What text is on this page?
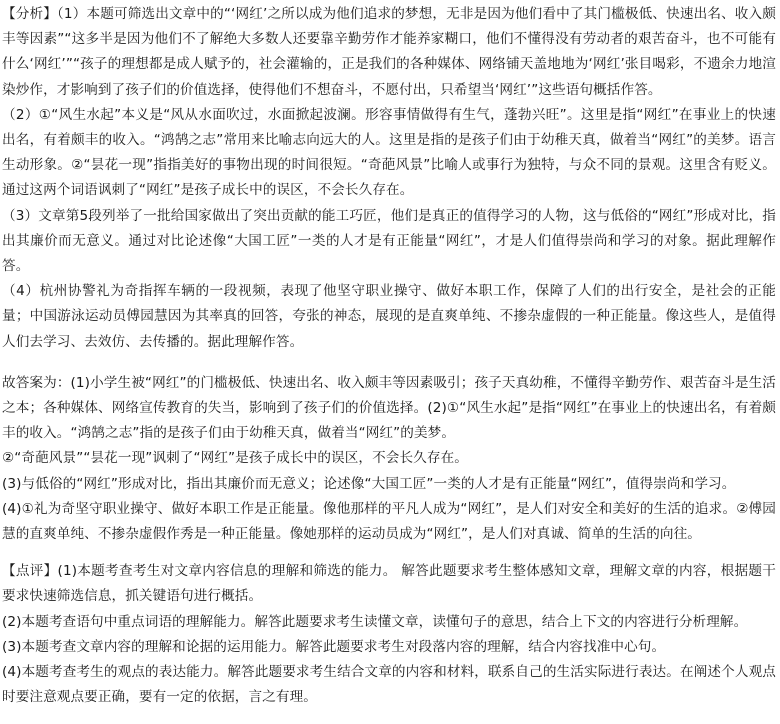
【分析】（1）本题可筛选出文章中的“‘网红’之所以成为他们追求的梦想，无非是因为他们看中了其门槛极低、快速出名、收入颇丰等因素”“这多半是因为他们不了解绝大多数人还要靠辛勤劳作才能养家糊口，他们不懂得没有劳动者的艰苦奋斗，也不可能有什么‘网红’”“孩子的理想都是成人赋予的，社会灌输的，正是我们的各种媒体、网络铺天盖地地为‘网红’张目喝彩，不遗余力地渲染炒作，才影响到了孩子们的价值选择，使得他们不想奋斗，不愿付出，只希望当‘网红’”这些语句概括作答。

（2）①“风生水起”本义是“风从水面吹过，水面掀起波澜。形容事情做得有生气，蓬勃兴旺”。这里是指“网红”在事业上的快速出名，有着颇丰的收入。“鸿鹄之志”常用来比喻志向远大的人。这里是指的是孩子们由于幼稚天真，做着当“网红”的美梦。语言生动形象。②“昙花一现”指指美好的事物出现的时间很短。“奇葩风景”比喻人或事行为独特，与众不同的景观。这里含有贬义。通过这两个词语讽刺了“网红”是孩子成长中的误区，不会长久存在。

（3）文章第5段列举了一批给国家做出了突出贡献的能工巧匠，他们是真正的值得学习的人物，这与低俗的“网红”形成对比，指出其廉价而无意义。通过对比论述像“大国工匠”一类的人才是有正能量“网红”，才是人们值得崇尚和学习的对象。据此理解作答。

（4）杭州协警礼为奇指挥车辆的一段视频，表现了他坚守职业操守、做好本职工作，保障了人们的出行安全，是社会的正能量；中国游泳运动员傅园慧因为其率真的回答，夸张的神态，展现的是直爽单纯、不掺杂虚假的一种正能量。像这些人，是值得人们去学习、去效仿、去传播的。据此理解作答。

故答案为：(1)小学生被“网红”的门槛极低、快速出名、收入颇丰等因素吸引；孩子天真幼稚，不懂得辛勤劳作、艰苦奋斗是生活之本；各种媒体、网络宣传教育的失当，影响到了孩子们的价值选择。(2)①“风生水起”是指“网红”在事业上的快速出名，有着颇丰的收入。“鸿鹄之志”指的是孩子们由于幼稚天真，做着当“网红”的美梦。

②“奇葩风景”“昙花一现”讽刺了“网红”是孩子成长中的误区，不会长久存在。

(3)与低俗的“网红”形成对比，指出其廉价而无意义；论述像“大国工匠”一类的人才是有正能量“网红”，值得崇尚和学习。

(4)①礼为奇坚守职业操守、做好本职工作是正能量。像他那样的平凡人成为“网红”，是人们对安全和美好的生活的追求。②傅园慧的直爽单纯、不掺杂虚假作秀是一种正能量。像她那样的运动员成为“网红”，是人们对真诚、简单的生活的向往。

【点评】(1)本题考查考生对文章内容信息的理解和筛选的能力。 解答此题要求考生整体感知文章，理解文章的内容，根据题干要求快速筛选信息，抓关键语句进行概括。

(2)本题考查语句中重点词语的理解能力。解答此题要求考生读懂文章，读懂句子的意思，结合上下文的内容进行分析理解。

(3)本题考查文章内容的理解和论据的运用能力。解答此题要求考生对段落内容的理解，结合内容找准中心句。

(4)本题考查考生的观点的表达能力。解答此题要求考生结合文章的内容和材料，联系自己的生活实际进行表达。在阐述个人观点时要注意观点要正确，要有一定的依据，言之有理。
